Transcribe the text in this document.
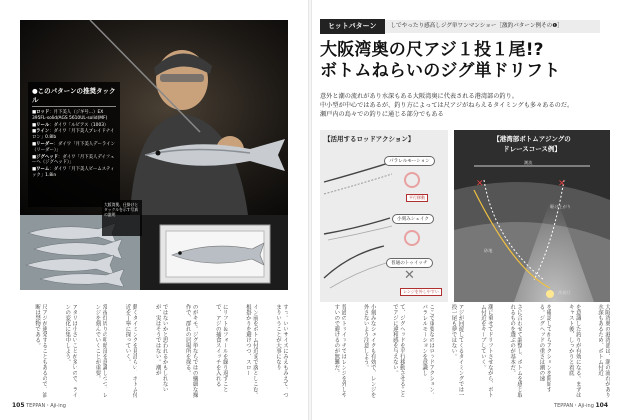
●このパターンの推奨タックル
■ロッド：月下美人（ジギ号…）EX 395FL-solid/AGS 5610UL-solid(MF)
■リール：ダイワ「ルビアス（1003）
■ライン：ダイワ「月下美人ブレイドナイロン」0.8lb
■リーダー：ダイワ「月下美人デーライン（リーダー）」
■ジグヘッド：ダイワ「月下美人デイフェーヘ（ジグヘッド）」
■ワーム：ダイワ「月下美人ビームスティック」1.8in
大阪湾奥、仕掛けとタックルを示す写真の説明
すっ。いいサイズにみえもみえて。つまりいうことが大事になり
イン前をボトム付近まで落としこむ。根掛かりを避けつつ、スロー
にリフト＆フォールを繰り返すことで、アジの捕食スイッチを入れる
のがキモ。ジグ単ならではの繊細な操作で、群れの居場所を探る。
ではないかと思われるかもしれないが、実はそうではない。潮が
動くタイミングを見計らい、ボトム付近を丁寧に探っていく。
常夜灯周りの明暗部を意識しつつ、レンジを刻んでいくことが重要。
アタリは小さいことが多いので、ラインの変化に集中しよう。
尺アジが連発することもあるので、油断は禁物である。
105 TEPPAN・Aji-ing
ヒットパターン	しでやったり感高しジグ単ワンマンショー［激釣パターン例その❶］
大阪湾奥の尺アジ１投１尾!?
ボトムねらいのジグ単ドリフト
意外と潮の流れがあり水深もある大阪湾奥に代表される港湾部の釣り。
中小型が中心ではあるが、釣り方によっては尺アジがねらえるタイミングも多々あるのだ。
瀬戸内の島々での釣りに通じる部分でもある
【活用するロッドアクション】
パラレルモーション
平行移動
小刻みシェイク
普通のトゥイッチ
✕
レンジを外しやすい
【港湾部ボトムアジングの
ドレースコース例】
✕	✕
潮流
駆け上がり
砂地
常夜灯
大阪湾奥の港湾部は、潮の流れがあり水深もあるため、ボトム付近
を意識した釣りが有効になる。まずはキャスト後、しっかりと着底
を確認してからアクションを開始する。ジグヘッドの重さは潮の速
さに合わせて調整し、ボトムを感じ取れるものを選ぶのが基本だ。
潮に乗せてドリフトさせながら、ボトム付近をキープしていく。
アジが回遊してくるタイミングでは一投一尾も夢ではない。
ここで重要なのはロッドアクション。パラレルモーションを意識し
て、ジグヘッドを平行移動させることでアジに違和感を与えない。
小刻みなシェイクも有効で、レンジを外さないよう注意しよう。
普通のトゥイッチではレンジを外しやすいので避けるのが無難だ。
TEPPAN・Aji-ing 104
